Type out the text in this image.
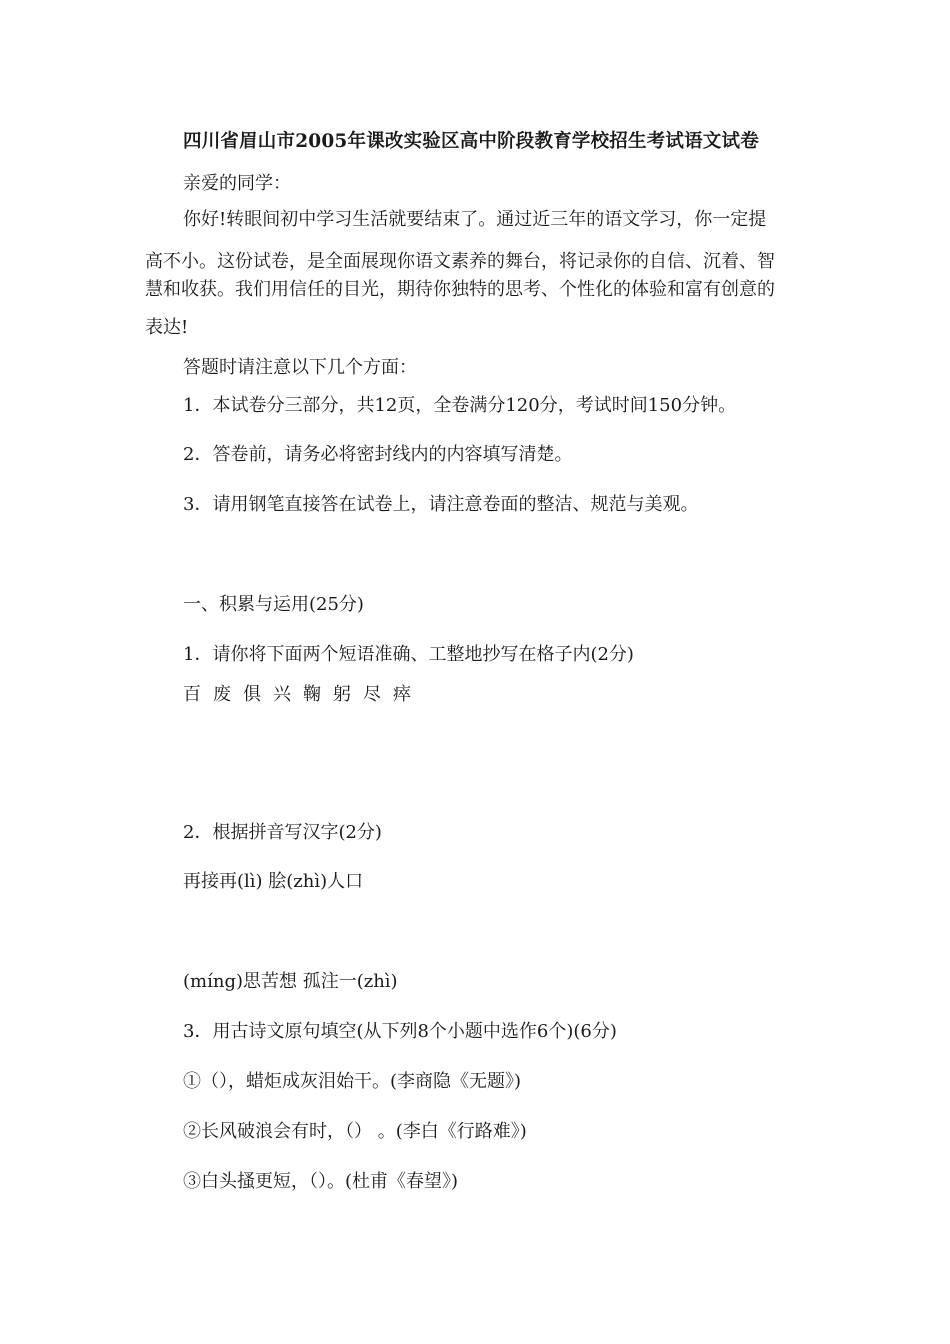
四川省眉山市2005年课改实验区高中阶段教育学校招生考试语文试卷
亲爱的同学：
你好!转眼间初中学习生活就要结束了。通过近三年的语文学习，你一定提
高不小。这份试卷，是全面展现你语文素养的舞台，将记录你的自信、沉着、智
慧和收获。我们用信任的目光，期待你独特的思考、个性化的体验和富有创意的
表达!
答题时请注意以下几个方面：
1．本试卷分三部分，共12页，全卷满分120分，考试时间150分钟。
2．答卷前，请务必将密封线内的内容填写清楚。
3．请用钢笔直接答在试卷上，请注意卷面的整洁、规范与美观。
一、积累与运用(25分)
1．请你将下面两个短语准确、工整地抄写在格子内(2分)
百 废 俱 兴 鞠 躬 尽 瘁
2．根据拼音写汉字(2分)
再接再(lì) 脍(zhì)人口
(míng)思苦想 孤注一(zhì)
3．用古诗文原句填空(从下列8个小题中选作6个)(6分)
①（），蜡炬成灰泪始干。(李商隐《无题》)
②长风破浪会有时，（） 。(李白《行路难》)
③白头搔更短，（）。(杜甫《春望》)
